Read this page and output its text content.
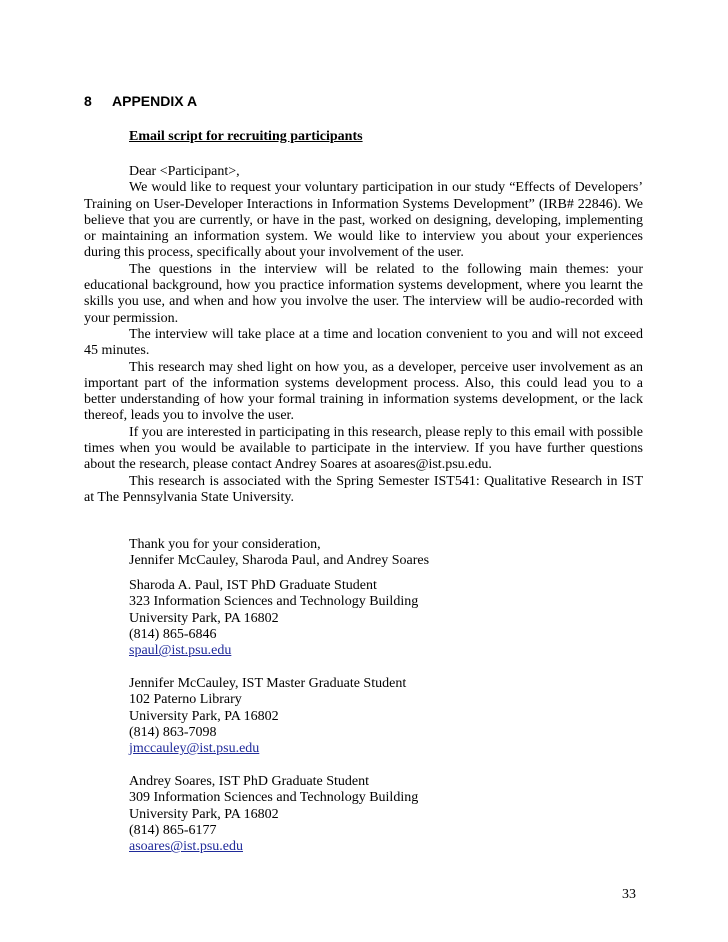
8 APPENDIX A
Email script for recruiting participants

Dear <Participant>,

We would like to request your voluntary participation in our study “Effects of Developers’ Training on User-Developer Interactions in Information Systems Development” (IRB# 22846). We believe that you are currently, or have in the past, worked on designing, developing, implementing or maintaining an information system. We would like to interview you about your experiences during this process, specifically about your involvement of the user.

The questions in the interview will be related to the following main themes: your educational background, how you practice information systems development, where you learnt the skills you use, and when and how you involve the user. The interview will be audio-recorded with your permission.

The interview will take place at a time and location convenient to you and will not exceed 45 minutes.

This research may shed light on how you, as a developer, perceive user involvement as an important part of the information systems development process. Also, this could lead you to a better understanding of how your formal training in information systems development, or the lack thereof, leads you to involve the user.

If you are interested in participating in this research, please reply to this email with possible times when you would be available to participate in the interview. If you have further questions about the research, please contact Andrey Soares at asoares@ist.psu.edu.

This research is associated with the Spring Semester IST541: Qualitative Research in IST at The Pennsylvania State University.

Thank you for your consideration,
Jennifer McCauley, Sharoda Paul, and Andrey Soares
Sharoda A. Paul, IST PhD Graduate Student
323 Information Sciences and Technology Building
University Park, PA 16802
(814) 865-6846
spaul@ist.psu.edu
Jennifer McCauley, IST Master Graduate Student
102 Paterno Library
University Park, PA 16802
(814) 863-7098
jmccauley@ist.psu.edu
Andrey Soares, IST PhD Graduate Student
309 Information Sciences and Technology Building
University Park, PA 16802
(814) 865-6177
asoares@ist.psu.edu
33
